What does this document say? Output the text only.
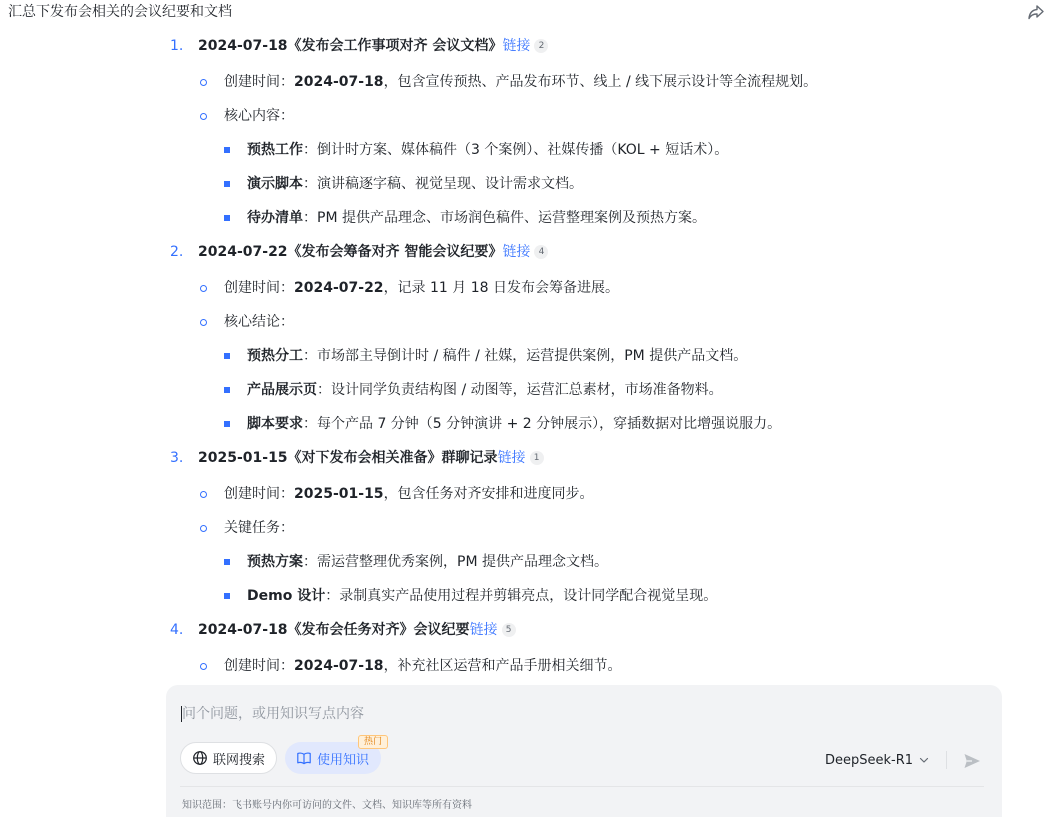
汇总下发布会相关的会议纪要和文档
1.	2024-07-18《发布会工作事项对齐 会议文档》 链接 2
创建时间： 2024-07-18 ，包含宣传预热、产品发布环节、线上 / 线下展示设计等全流程规划。
核心内容：
预热工作 ：倒计时方案、媒体稿件（3 个案例）、社媒传播（KOL + 短话术）。
演示脚本 ：演讲稿逐字稿、视觉呈现、设计需求文档。
待办清单 ：PM 提供产品理念、市场润色稿件、运营整理案例及预热方案。
2.	2024-07-22《发布会筹备对齐 智能会议纪要》 链接 4
创建时间： 2024-07-22 ，记录 11 月 18 日发布会筹备进展。
核心结论：
预热分工 ：市场部主导倒计时 / 稿件 / 社媒，运营提供案例，PM 提供产品文档。
产品展示页 ：设计同学负责结构图 / 动图等，运营汇总素材，市场准备物料。
脚本要求 ：每个产品 7 分钟（5 分钟演讲 + 2 分钟展示），穿插数据对比增强说服力。
3.	2025-01-15《对下发布会相关准备》群聊记录 链接 1
创建时间： 2025-01-15 ，包含任务对齐安排和进度同步。
关键任务：
预热方案 ：需运营整理优秀案例，PM 提供产品理念文档。
Demo 设计 ：录制真实产品使用过程并剪辑亮点，设计同学配合视觉呈现。
4.	2024-07-18《发布会任务对齐》会议纪要 链接 5
创建时间： 2024-07-18 ，补充社区运营和产品手册相关细节。
问个问题，或用知识写点内容
联网搜索	使用知识
热门
DeepSeek-R1
知识范围：飞书账号内你可访问的文件、文档、知识库等所有资料
